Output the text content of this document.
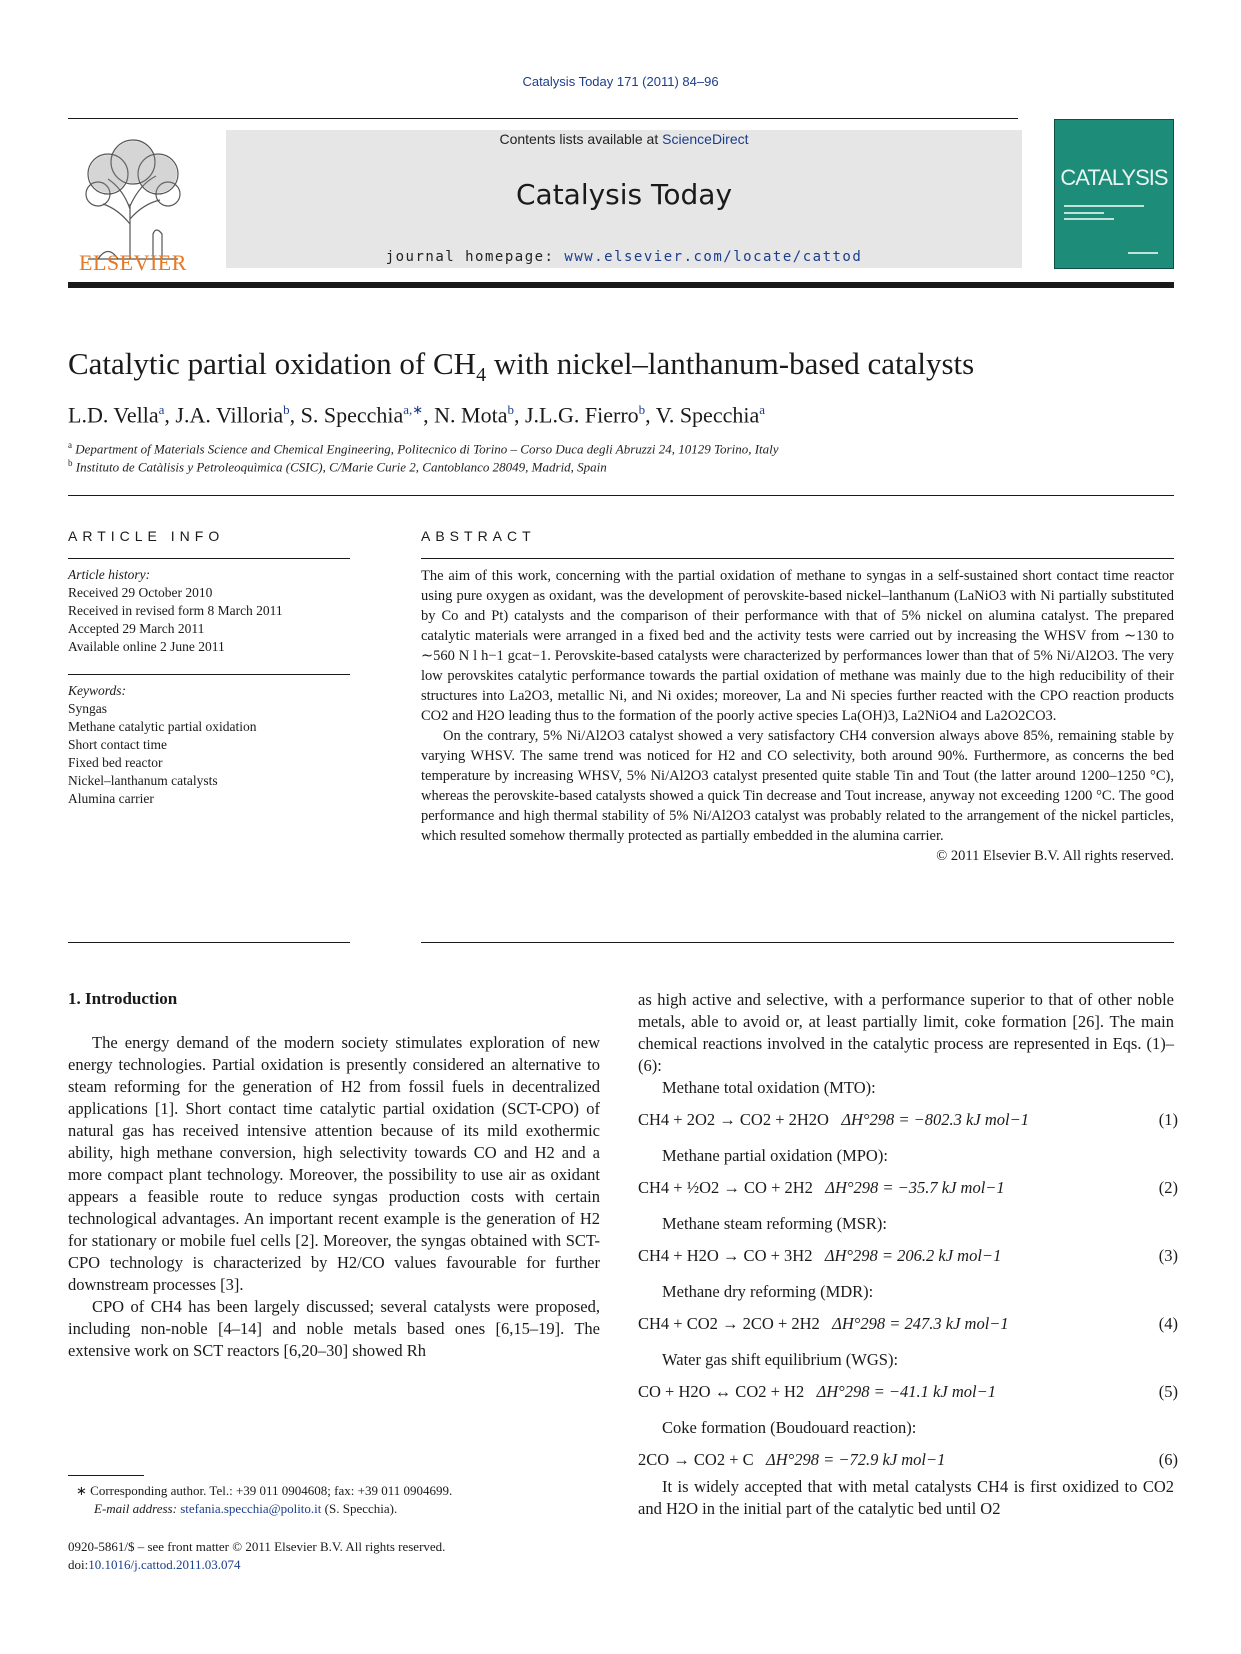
Catalysis Today 171 (2011) 84–96
ELSEVIER
Contents lists available at ScienceDirect
Catalysis Today
journal homepage: www.elsevier.com/locate/cattod
CATALYSIS
Catalytic partial oxidation of $CH_4$ with nickel–lanthanum-based catalysts
L.D. Vella$^a$, J.A. Villoria$^b$, S. Specchia$^{a,∗}$, N. Mota$^b$, J.L.G. Fierro$^b$, V. Specchia$^a$
$^a$ Department of Materials Science and Chemical Engineering, Politecnico di Torino – Corso Duca degli Abruzzi 24, 10129 Torino, Italy
$^b$ Instituto de Catàlisis y Petroleoquìmica (CSIC), C/Marie Curie 2, Cantoblanco 28049, Madrid, Spain
ARTICLE INFO
Article history:
Received 29 October 2010
Received in revised form 8 March 2011
Accepted 29 March 2011
Available online 2 June 2011
Keywords:
Syngas
Methane catalytic partial oxidation
Short contact time
Fixed bed reactor
Nickel–lanthanum catalysts
Alumina carrier
ABSTRACT

The aim of this work, concerning with the partial oxidation of methane to syngas in a self-sustained short contact time reactor using pure oxygen as oxidant, was the development of perovskite-based nickel–lanthanum (LaNiO3 with Ni partially substituted by Co and Pt) catalysts and the comparison of their performance with that of 5% nickel on alumina catalyst. The prepared catalytic materials were arranged in a fixed bed and the activity tests were carried out by increasing the WHSV from ∼130 to ∼560 N l h−1 gcat−1. Perovskite-based catalysts were characterized by performances lower than that of 5% Ni/Al2O3. The very low perovskites catalytic performance towards the partial oxidation of methane was mainly due to the high reducibility of their structures into La2O3, metallic Ni, and Ni oxides; moreover, La and Ni species further reacted with the CPO reaction products CO2 and H2O leading thus to the formation of the poorly active species La(OH)3, La2NiO4 and La2O2CO3.

On the contrary, 5% Ni/Al2O3 catalyst showed a very satisfactory CH4 conversion always above 85%, remaining stable by varying WHSV. The same trend was noticed for H2 and CO selectivity, both around 90%. Furthermore, as concerns the bed temperature by increasing WHSV, 5% Ni/Al2O3 catalyst presented quite stable Tin and Tout (the latter around 1200–1250 °C), whereas the perovskite-based catalysts showed a quick Tin decrease and Tout increase, anyway not exceeding 1200 °C. The good performance and high thermal stability of 5% Ni/Al2O3 catalyst was probably related to the arrangement of the nickel particles, which resulted somehow thermally protected as partially embedded in the alumina carrier.

© 2011 Elsevier B.V. All rights reserved.
1. Introduction

The energy demand of the modern society stimulates exploration of new energy technologies. Partial oxidation is presently considered an alternative to steam reforming for the generation of H2 from fossil fuels in decentralized applications [1]. Short contact time catalytic partial oxidation (SCT-CPO) of natural gas has received intensive attention because of its mild exothermic ability, high methane conversion, high selectivity towards CO and H2 and a more compact plant technology. Moreover, the possibility to use air as oxidant appears a feasible route to reduce syngas production costs with certain technological advantages. An important recent example is the generation of H2 for stationary or mobile fuel cells [2]. Moreover, the syngas obtained with SCT-CPO technology is characterized by H2/CO values favourable for further downstream processes [3].

CPO of CH4 has been largely discussed; several catalysts were proposed, including non-noble [4–14] and noble metals based ones [6,15–19]. The extensive work on SCT reactors [6,20–30] showed Rh

∗ Corresponding author. Tel.: +39 011 0904608; fax: +39 011 0904699.
E-mail address: stefania.specchia@polito.it (S. Specchia).
0920-5861/$ – see front matter © 2011 Elsevier B.V. All rights reserved.
doi:10.1016/j.cattod.2011.03.074

as high active and selective, with a performance superior to that of other noble metals, able to avoid or, at least partially limit, coke formation [26]. The main chemical reactions involved in the catalytic process are represented in Eqs. (1)–(6):

Methane total oxidation (MTO):
CH4 + 2O2 → CO2 + 2H2O ΔH°298 = −802.3 kJ mol−1	(1)
Methane partial oxidation (MPO):
CH4 + ½O2 → CO + 2H2 ΔH°298 = −35.7 kJ mol−1	(2)
Methane steam reforming (MSR):
CH4 + H2O → CO + 3H2 ΔH°298 = 206.2 kJ mol−1	(3)
Methane dry reforming (MDR):
CH4 + CO2 → 2CO + 2H2 ΔH°298 = 247.3 kJ mol−1	(4)
Water gas shift equilibrium (WGS):
CO + H2O ↔ CO2 + H2 ΔH°298 = −41.1 kJ mol−1	(5)
Coke formation (Boudouard reaction):
2CO → CO2 + C ΔH°298 = −72.9 kJ mol−1	(6)

It is widely accepted that with metal catalysts CH4 is first oxidized to CO2 and H2O in the initial part of the catalytic bed until O2
